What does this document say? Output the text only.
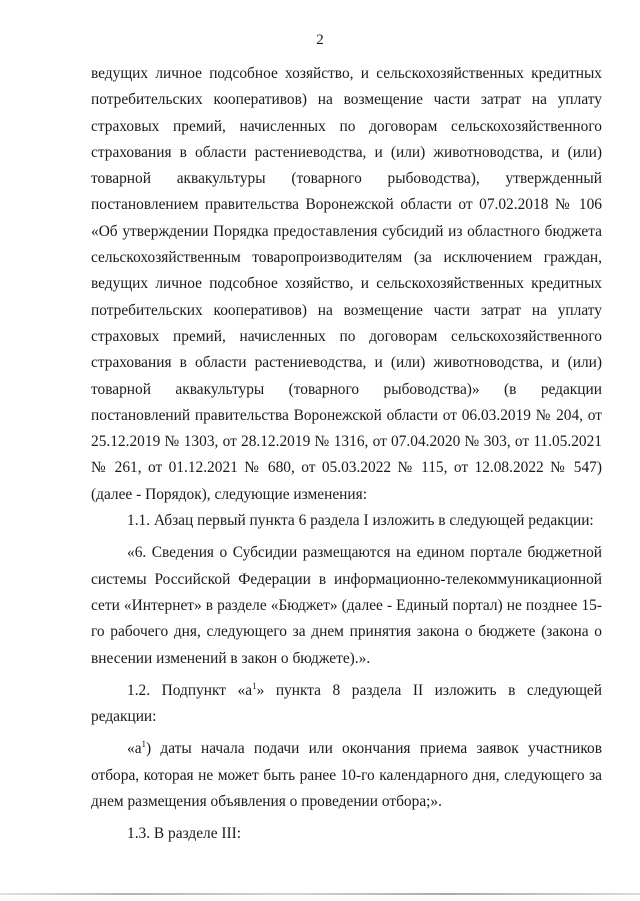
2

ведущих личное подсобное хозяйство, и сельскохозяйственных кредитных потребительских кооперативов) на возмещение части затрат на уплату страховых премий, начисленных по договорам сельскохозяйственного страхования в области растениеводства, и (или) животноводства, и (или) товарной аквакультуры (товарного рыбоводства), утвержденный постановлением правительства Воронежской области от 07.02.2018 № 106 «Об утверждении Порядка предоставления субсидий из областного бюджета сельскохозяйственным товаропроизводителям (за исключением граждан, ведущих личное подсобное хозяйство, и сельскохозяйственных кредитных потребительских кооперативов) на возмещение части затрат на уплату страховых премий, начисленных по договорам сельскохозяйственного страхования в области растениеводства, и (или) животноводства, и (или) товарной аквакультуры (товарного рыбоводства)» (в редакции постановлений правительства Воронежской области от 06.03.2019 № 204, от 25.12.2019 № 1303, от 28.12.2019 № 1316, от 07.04.2020 № 303, от 11.05.2021 № 261, от 01.12.2021 № 680, от 05.03.2022 № 115, от 12.08.2022 № 547) (далее - Порядок), следующие изменения:

1.1. Абзац первый пункта 6 раздела I изложить в следующей редакции:

«6. Сведения о Субсидии размещаются на едином портале бюджетной системы Российской Федерации в информационно-телекоммуникационной сети «Интернет» в разделе «Бюджет» (далее - Единый портал) не позднее 15-го рабочего дня, следующего за днем принятия закона о бюджете (закона о внесении изменений в закон о бюджете).».

1.2. Подпункт «$а^1$» пункта 8 раздела II изложить в следующей редакции:

«$а^1$) даты начала подачи или окончания приема заявок участников отбора, которая не может быть ранее 10-го календарного дня, следующего за днем размещения объявления о проведении отбора;».

1.3. В разделе III:
